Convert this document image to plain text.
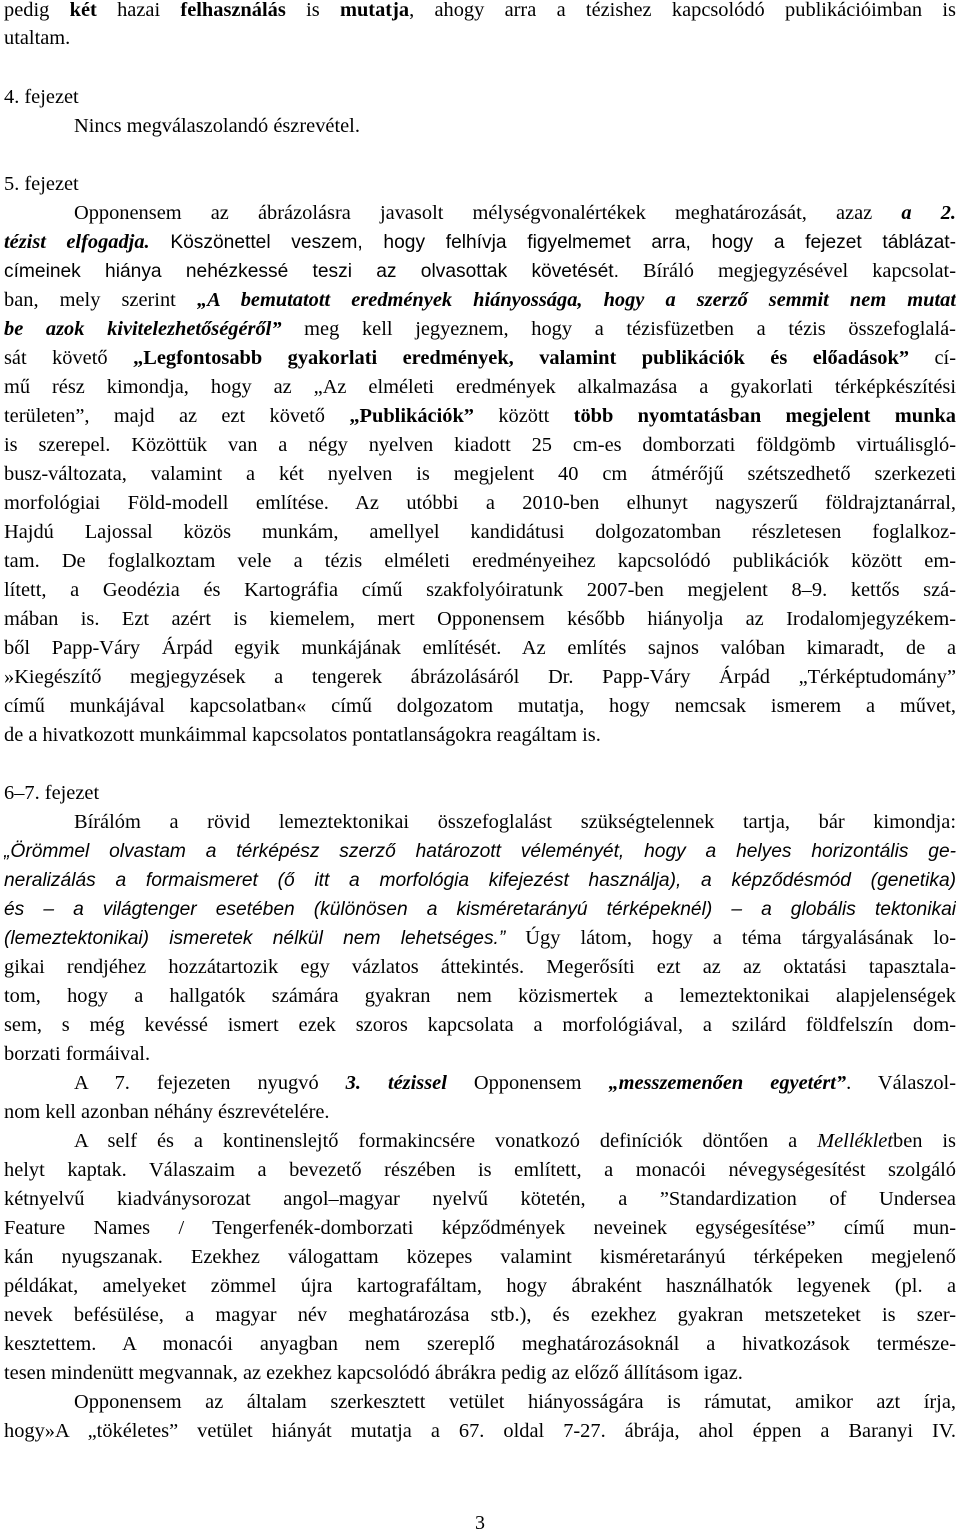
pedig két hazai felhasználás is mutatja, ahogy arra a tézishez kapcsolódó publikációimban is
utaltam.
4. fejezet
Nincs megválaszolandó észrevétel.
5. fejezet
Opponensem az ábrázolásra javasolt mélységvonalértékek meghatározását, azaz a 2.
tézist elfogadja. Köszönettel veszem, hogy felhívja figyelmemet arra, hogy a fejezet táblázat-
címeinek hiánya nehézkessé teszi az olvasottak követését. Bíráló megjegyzésével kapcsolat-
ban, mely szerint „A bemutatott eredmények hiányossága, hogy a szerző semmit nem mutat
be azok kivitelezhetőségéről” meg kell jegyeznem, hogy a tézisfüzetben a tézis összefoglalá-
sát követő „Legfontosabb gyakorlati eredmények, valamint publikációk és előadások” cí-
mű rész kimondja, hogy az „Az elméleti eredmények alkalmazása a gyakorlati térképkészítési
területen”, majd az ezt követő „Publikációk” között több nyomtatásban megjelent munka
is szerepel. Közöttük van a négy nyelven kiadott 25 cm-es domborzati földgömb virtuálisgló-
busz-változata, valamint a két nyelven is megjelent 40 cm átmérőjű szétszedhető szerkezeti
morfológiai Föld-modell említése. Az utóbbi a 2010-ben elhunyt nagyszerű földrajztanárral,
Hajdú Lajossal közös munkám, amellyel kandidátusi dolgozatomban részletesen foglalkoz-
tam. De foglalkoztam vele a tézis elméleti eredményeihez kapcsolódó publikációk között em-
lített, a Geodézia és Kartográfia című szakfolyóiratunk 2007-ben megjelent 8–9. kettős szá-
mában is. Ezt azért is kiemelem, mert Opponensem később hiányolja az Irodalomjegyzékem-
ből Papp-Váry Árpád egyik munkájának említését. Az említés sajnos valóban kimaradt, de a
»Kiegészítő megjegyzések a tengerek ábrázolásáról Dr. Papp-Váry Árpád „Térképtudomány”
című munkájával kapcsolatban« című dolgozatom mutatja, hogy nemcsak ismerem a művet,
de a hivatkozott munkáimmal kapcsolatos pontatlanságokra reagáltam is.
6–7. fejezet
Bírálóm a rövid lemeztektonikai összefoglalást szükségtelennek tartja, bár kimondja:
„Örömmel olvastam a térképész szerző határozott véleményét, hogy a helyes horizontális ge-
neralizálás a formaismeret (ő itt a morfológia kifejezést használja), a képződésmód (genetika)
és – a világtenger esetében (különösen a kisméretarányú térképeknél) – a globális tektonikai
(lemeztektonikai) ismeretek nélkül nem lehetséges.” Úgy látom, hogy a téma tárgyalásának lo-
gikai rendjéhez hozzátartozik egy vázlatos áttekintés. Megerősíti ezt az az oktatási tapasztala-
tom, hogy a hallgatók számára gyakran nem közismertek a lemeztektonikai alapjelenségek
sem, s még kevéssé ismert ezek szoros kapcsolata a morfológiával, a szilárd földfelszín dom-
borzati formáival.
A 7. fejezeten nyugvó 3. tézissel Opponensem „messzemenően egyetért”. Válaszol-
nom kell azonban néhány észrevételére.
A self és a kontinenslejtő formakincsére vonatkozó definíciók döntően a Mellékletben is
helyt kaptak. Válaszaim a bevezető részében is említett, a monacói névegységesítést szolgáló
kétnyelvű kiadványsorozat angol–magyar nyelvű kötetén, a ”Standardization of Undersea
Feature Names / Tengerfenék-domborzati képződmények neveinek egységesítése” című mun-
kán nyugszanak. Ezekhez válogattam közepes valamint kisméretarányú térképeken megjelenő
példákat, amelyeket zömmel újra kartografáltam, hogy ábraként használhatók legyenek (pl. a
nevek befésülése, a magyar név meghatározása stb.), és ezekhez gyakran metszeteket is szer-
kesztettem. A monacói anyagban nem szereplő meghatározásoknál a hivatkozások természe-
tesen mindenütt megvannak, az ezekhez kapcsolódó ábrákra pedig az előző állításom igaz.
Opponensem az általam szerkesztett vetület hiányosságára is rámutat, amikor azt írja,
hogy»A „tökéletes” vetület hiányát mutatja a 67. oldal 7-27. ábrája, ahol éppen a Baranyi IV.
3
